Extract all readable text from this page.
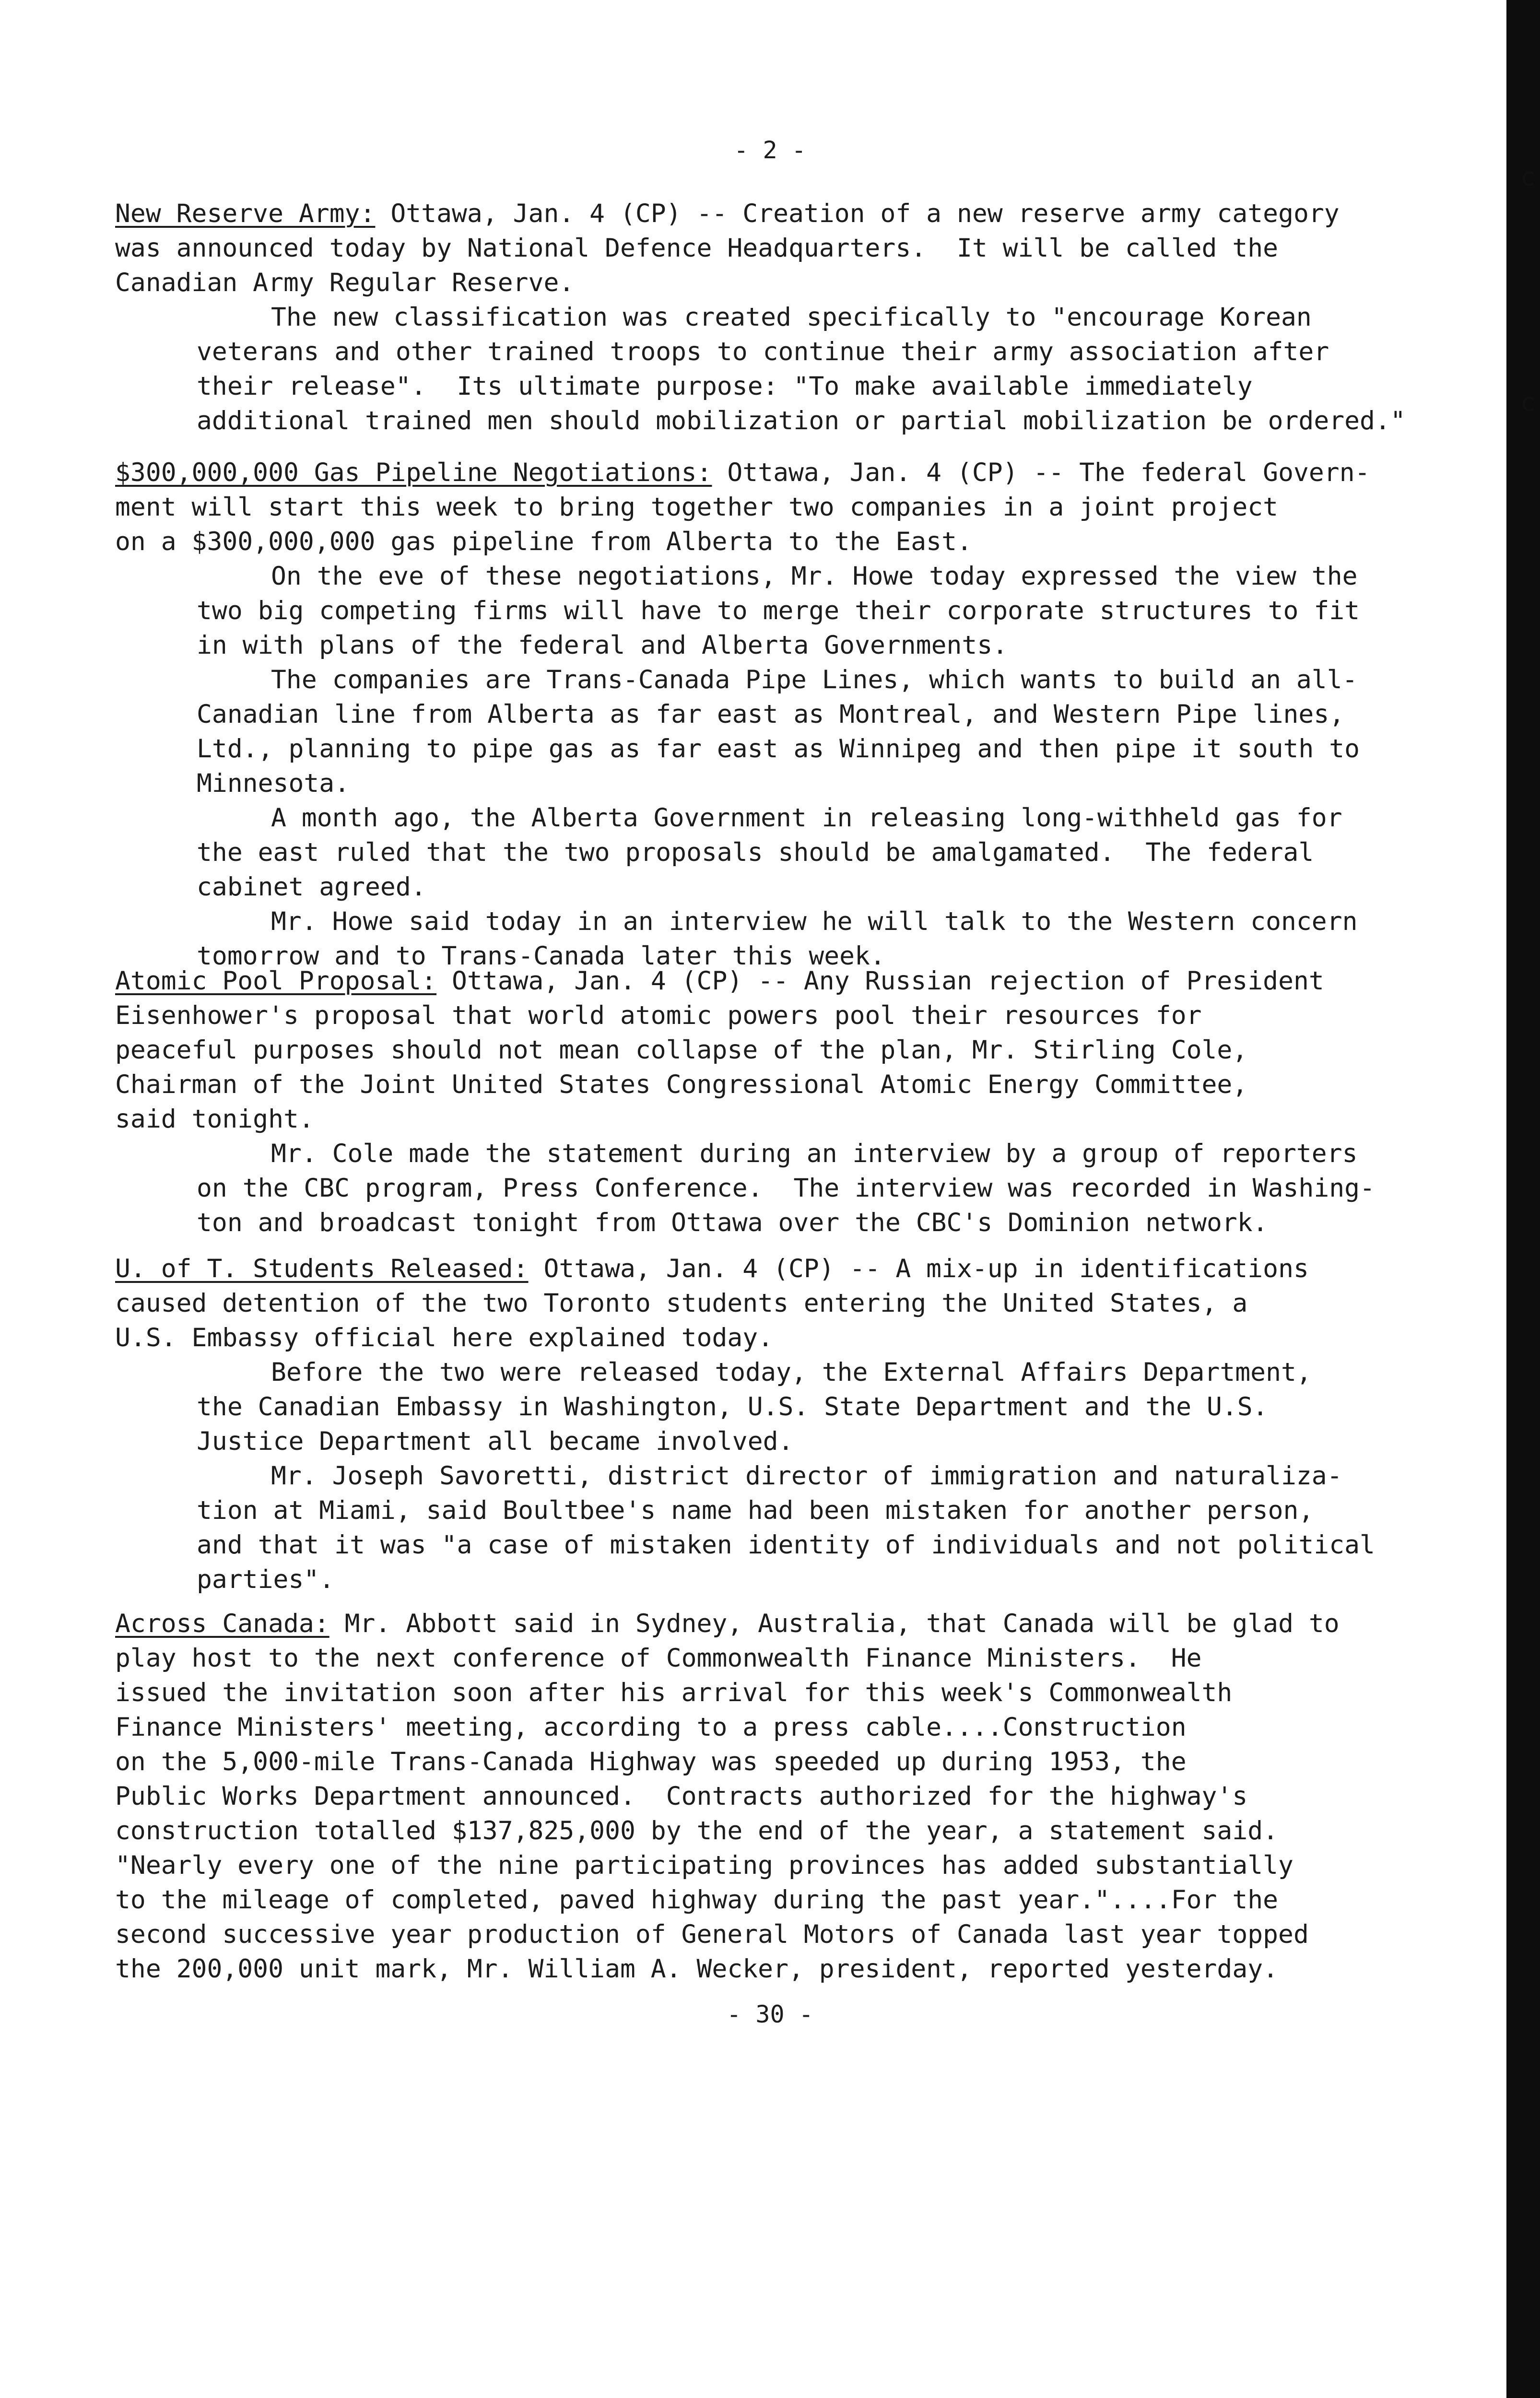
c
c
- 2 -

New Reserve Army: Ottawa, Jan. 4 (CP) -- Creation of a new reserve army category

was announced today by National Defence Headquarters.  It will be called the
Canadian Army Regular Reserve.

The new classification was created specifically to "encourage Korean
veterans and other trained troops to continue their army association after
their release".  Its ultimate purpose: "To make available immediately
additional trained men should mobilization or partial mobilization be ordered."

$300,000,000 Gas Pipeline Negotiations: Ottawa, Jan. 4 (CP) -- The federal Govern-

ment will start this week to bring together two companies in a joint project
on a $300,000,000 gas pipeline from Alberta to the East.

On the eve of these negotiations, Mr. Howe today expressed the view the
two big competing firms will have to merge their corporate structures to fit
in with plans of the federal and Alberta Governments.

The companies are Trans-Canada Pipe Lines, which wants to build an all-
Canadian line from Alberta as far east as Montreal, and Western Pipe lines,
Ltd., planning to pipe gas as far east as Winnipeg and then pipe it south to
Minnesota.

A month ago, the Alberta Government in releasing long-withheld gas for
the east ruled that the two proposals should be amalgamated.  The federal
cabinet agreed.

Mr. Howe said today in an interview he will talk to the Western concern
tomorrow and to Trans-Canada later this week.

Atomic Pool Proposal: Ottawa, Jan. 4 (CP) -- Any Russian rejection of President

Eisenhower's proposal that world atomic powers pool their resources for
peaceful purposes should not mean collapse of the plan, Mr. Stirling Cole,
Chairman of the Joint United States Congressional Atomic Energy Committee,
said tonight.

Mr. Cole made the statement during an interview by a group of reporters
on the CBC program, Press Conference.  The interview was recorded in Washing-
ton and broadcast tonight from Ottawa over the CBC's Dominion network.

U. of T. Students Released: Ottawa, Jan. 4 (CP) -- A mix-up in identifications

caused detention of the two Toronto students entering the United States, a
U.S. Embassy official here explained today.

Before the two were released today, the External Affairs Department,
the Canadian Embassy in Washington, U.S. State Department and the U.S.
Justice Department all became involved.

Mr. Joseph Savoretti, district director of immigration and naturaliza-
tion at Miami, said Boultbee's name had been mistaken for another person,
and that it was "a case of mistaken identity of individuals and not political
parties".

Across Canada: Mr. Abbott said in Sydney, Australia, that Canada will be glad to

play host to the next conference of Commonwealth Finance Ministers.  He
issued the invitation soon after his arrival for this week's Commonwealth
Finance Ministers' meeting, according to a press cable....Construction
on the 5,000-mile Trans-Canada Highway was speeded up during 1953, the
Public Works Department announced.  Contracts authorized for the highway's
construction totalled $137,825,000 by the end of the year, a statement said.
"Nearly every one of the nine participating provinces has added substantially
to the mileage of completed, paved highway during the past year."....For the
second successive year production of General Motors of Canada last year topped
the 200,000 unit mark, Mr. William A. Wecker, president, reported yesterday.

- 30 -
